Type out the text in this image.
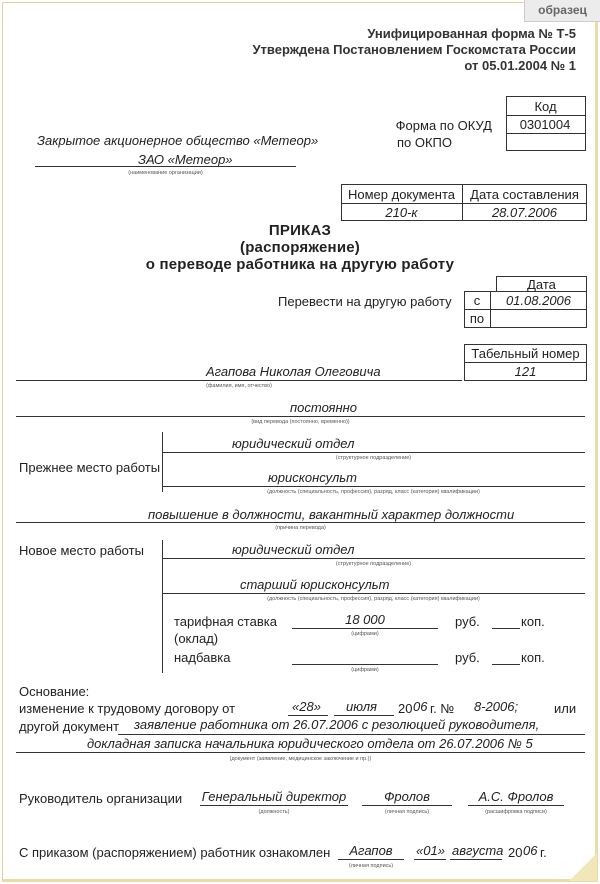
образец
Унифицированная форма № Т-5
Утверждена Постановлением Госкомстата России
от 05.01.2004 № 1
Код
Форма по ОКУД	0301004
по ОКПО
Закрытое акционерное общество «Метеор»
ЗАО «Метеор»
(наименование организации)
Номер документа	Дата составления
210-к	28.07.2006
ПРИКАЗ
(распоряжение)
о переводе работника на другую работу
Дата
Перевести на другую работу	с	01.08.2006
по
Табельный номер
121
Агапова Николая Олеговича
(фамилия, имя, отчество)
постоянно
(вид перевода (постоянно, временно))
Прежнее место работы
юридический отдел
(структурное подразделение)
юрисконсульт
(должность (специальность, профессия), разряд, класс (категория) квалификации)
повышение в должности, вакантный характер должности
(причина перевода)
Новое место работы	юридический отдел
(структурное подразделение)
старший юрисконсульт
(должность (специальность, профессия), разряд, класс (категория) квалификации)
тарифная ставка
(оклад)
18 000
(цифрами)
руб.	коп.
надбавка
(цифрами)
руб.	коп.
Основание:
изменение к трудовому договору от	«28» июля 20 06 г. № 8-2006;	или
другой документ заявление работника от 26.07.2006 с резолюцией руководителя,
докладная записка начальника юридического отдела от 26.07.2006 № 5
(документ (заявление, медицинское заключение и пр.))
Руководитель организации Генеральный директор
(должность)
Фролов
(личная подпись)
А.С. Фролов
(расшифровка подписи)
С приказом (распоряжением) работник ознакомлен	Агапов
(личная подпись)
«01» августа 20 06 г.
